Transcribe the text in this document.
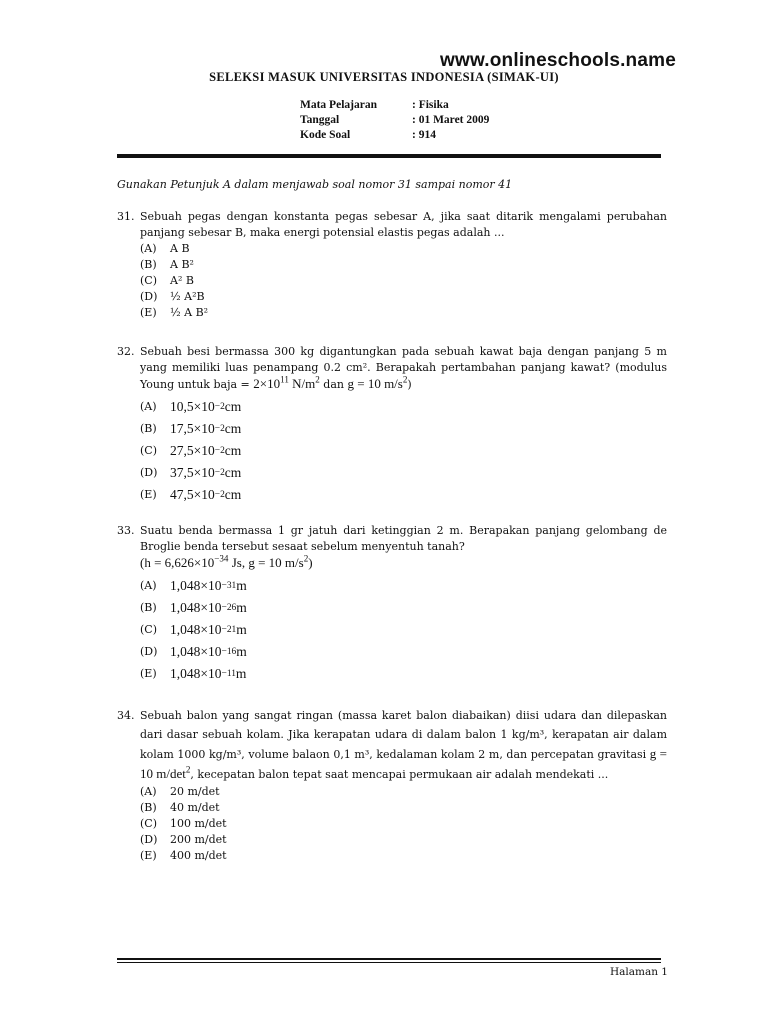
www.onlineschools.name
SELEKSI MASUK UNIVERSITAS INDONESIA (SIMAK-UI)
Mata Pelajaran	: Fisika
Tanggal	: 01 Maret 2009
Kode Soal	: 914
Gunakan Petunjuk A dalam menjawab soal nomor 31 sampai nomor 41
31. Sebuah pegas dengan konstanta pegas sebesar A, jika saat ditarik mengalami perubahan panjang sebesar B, maka energi potensial elastis pegas adalah ...
(A)	A B
(B)	A B²
(C)	A² B
(D)	½ A²B
(E)	½ A B²
32. Sebuah besi bermassa 300 kg digantungkan pada sebuah kawat baja dengan panjang 5 m yang memiliki luas penampang 0.2 cm². Berapakah pertambahan panjang kawat? (modulus Young untuk baja = $2\times 10^{11}$ $N/m^2$ dan g = 10 $m/s^2$)
(A) 10,5×10 −2 cm
(B) 17,5×10 −2 cm
(C) 27,5×10 −2 cm
(D) 37,5×10 −2 cm
(E) 47,5×10 −2 cm
33. Suatu benda bermassa 1 gr jatuh dari ketinggian 2 m. Berapakan panjang gelombang de Broglie benda tersebut sesaat sebelum menyentuh tanah?
($h = 6,626\times 10^{-34}$ Js, g = 10 $m/s^2$)
(A) 1,048×10 −31 m
(B) 1,048×10 −26 m
(C) 1,048×10 −21 m
(D) 1,048×10 −16 m
(E) 1,048×10 −11 m
34. Sebuah balon yang sangat ringan (massa karet balon diabaikan) diisi udara dan dilepaskan dari dasar sebuah kolam. Jika kerapatan udara di dalam balon 1 kg/m³, kerapatan air dalam kolam 1000 kg/m³, volume balaon 0,1 m³, kedalaman kolam 2 m, dan percepatan gravitasi g = 10 $m/\det^2$, kecepatan balon tepat saat mencapai permukaan air adalah mendekati ...
(A)	20 m/det
(B)	40 m/det
(C)	100 m/det
(D)	200 m/det
(E)	400 m/det
Halaman 1
